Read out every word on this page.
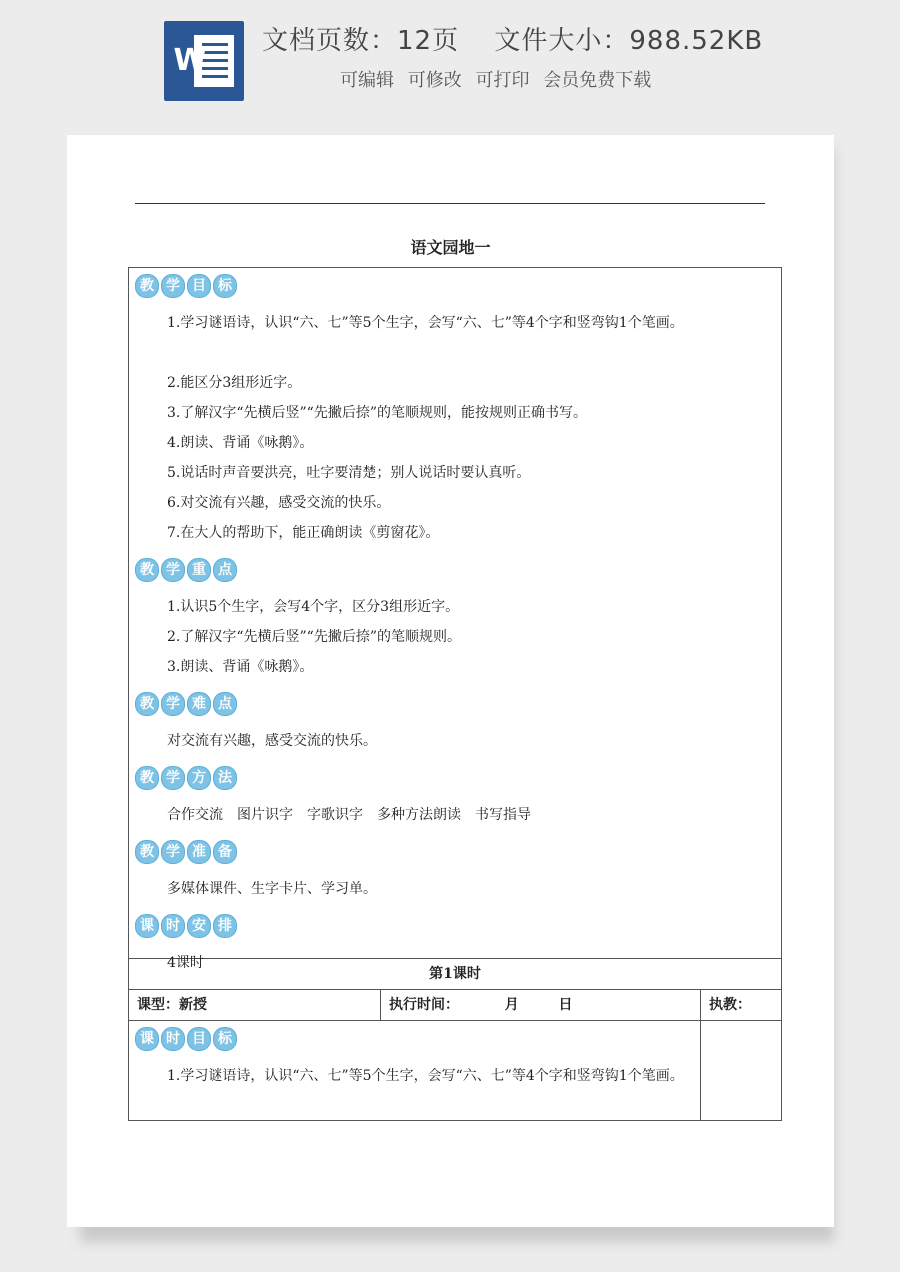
W
文档页数：12页 文件大小：988.52KB
可编辑 可修改 可打印 会员免费下载
语文园地一
教 学 目 标
1.学习谜语诗，认识“六、七”等5个生字，会写“六、七”等4个字和竖弯钩1个笔画。
2.能区分3组形近字。
3.了解汉字“先横后竖”“先撇后捺”的笔顺规则，能按规则正确书写。
4.朗读、背诵《咏鹅》。
5.说话时声音要洪亮，吐字要清楚；别人说话时要认真听。
6.对交流有兴趣，感受交流的快乐。
7.在大人的帮助下，能正确朗读《剪窗花》。
教 学 重 点
1.认识5个生字，会写4个字，区分3组形近字。
2.了解汉字“先横后竖”“先撇后捺”的笔顺规则。
3.朗读、背诵《咏鹅》。
教 学 难 点
对交流有兴趣，感受交流的快乐。
教 学 方 法
合作交流　图片识字　字歌识字　多种方法朗读　书写指导
教 学 准 备
多媒体课件、生字卡片、学习单。
课 时 安 排
4课时
第1课时
课型：新授	执行时间：	月	日	执教：
课 时 目 标
1.学习谜语诗，认识“六、七”等5个生字，会写“六、七”等4个字和竖弯钩1个笔画。
